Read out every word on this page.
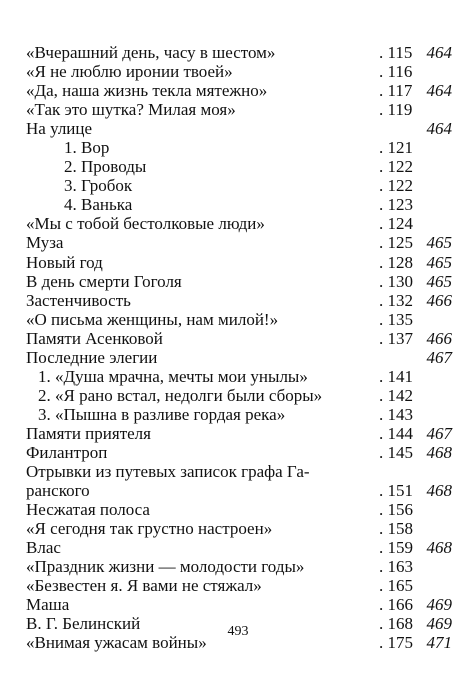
«Вчерашний день, часу в шестом»	. 115 464
«Я не люблю иронии твоей»	. 116
«Да, наша жизнь текла мятежно»	. 117 464
«Так это шутка? Милая моя»	. 119
На улице	464
1. Вор	. 121
2. Проводы	. 122
3. Гробок	. 122
4. Ванька	. 123
«Мы с тобой бестолковые люди»	. 124
Муза	. 125 465
Новый год	. 128 465
В день смерти Гоголя	. 130 465
Застенчивость	. 132 466
«О письма женщины, нам милой!»	. 135
Памяти Асенковой	. 137 466
Последние элегии	467
1. «Душа мрачна, мечты мои унылы»	. 141
2. «Я рано встал, недолги были сборы»	. 142
3. «Пышна в разливе гордая река»	. 143
Памяти приятеля	. 144 467
Филантроп	. 145 468
Отрывки из путевых записок графа Га-
ранского	. 151 468
Несжатая полоса	. 156
«Я сегодня так грустно настроен»	. 158
Влас	. 159 468
«Праздник жизни — молодости годы»	. 163
«Безвестен я. Я вами не стяжал»	. 165
Маша	. 166 469
В. Г. Белинский	. 168 469
«Внимая ужасам войны»	. 175 471
493
